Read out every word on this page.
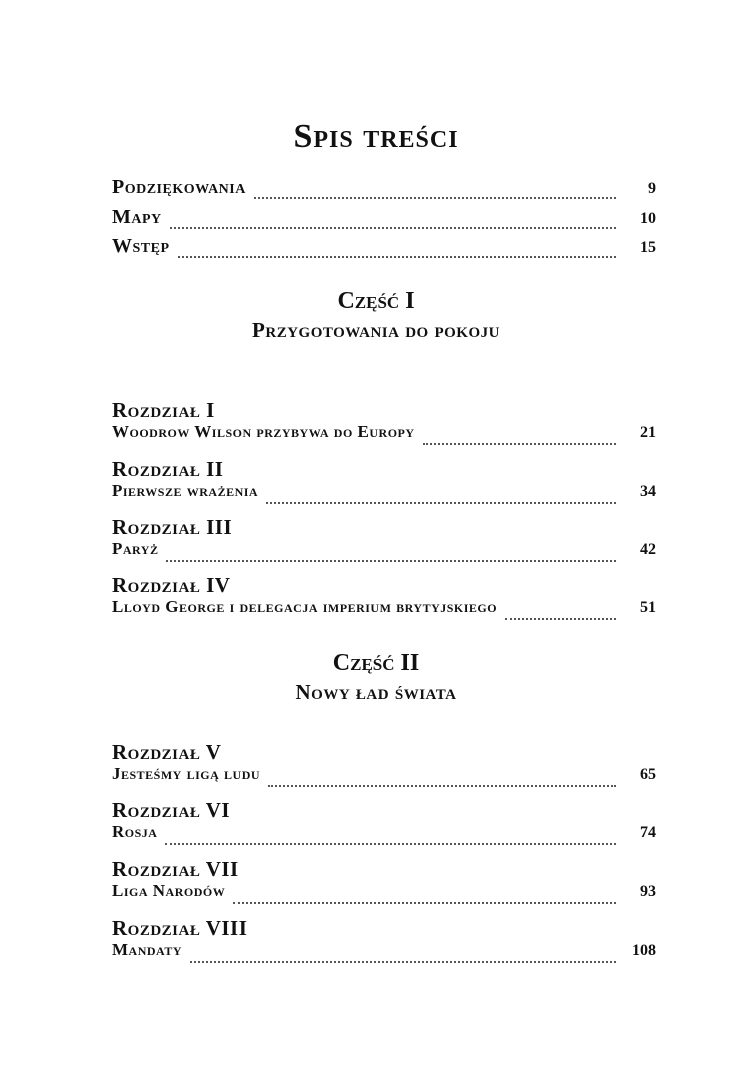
Spis treści
Podziękowania	9
Mapy	10
Wstęp	15
Część I
Przygotowania do pokoju
Rozdział I
Woodrow Wilson przybywa do Europy	21
Rozdział II
Pierwsze wrażenia	34
Rozdział III
Paryż	42
Rozdział IV
Lloyd George i delegacja imperium brytyjskiego	51
Część II
Nowy ład świata
Rozdział V
Jesteśmy ligą ludu	65
Rozdział VI
Rosja	74
Rozdział VII
Liga Narodów	93
Rozdział VIII
Mandaty	108
